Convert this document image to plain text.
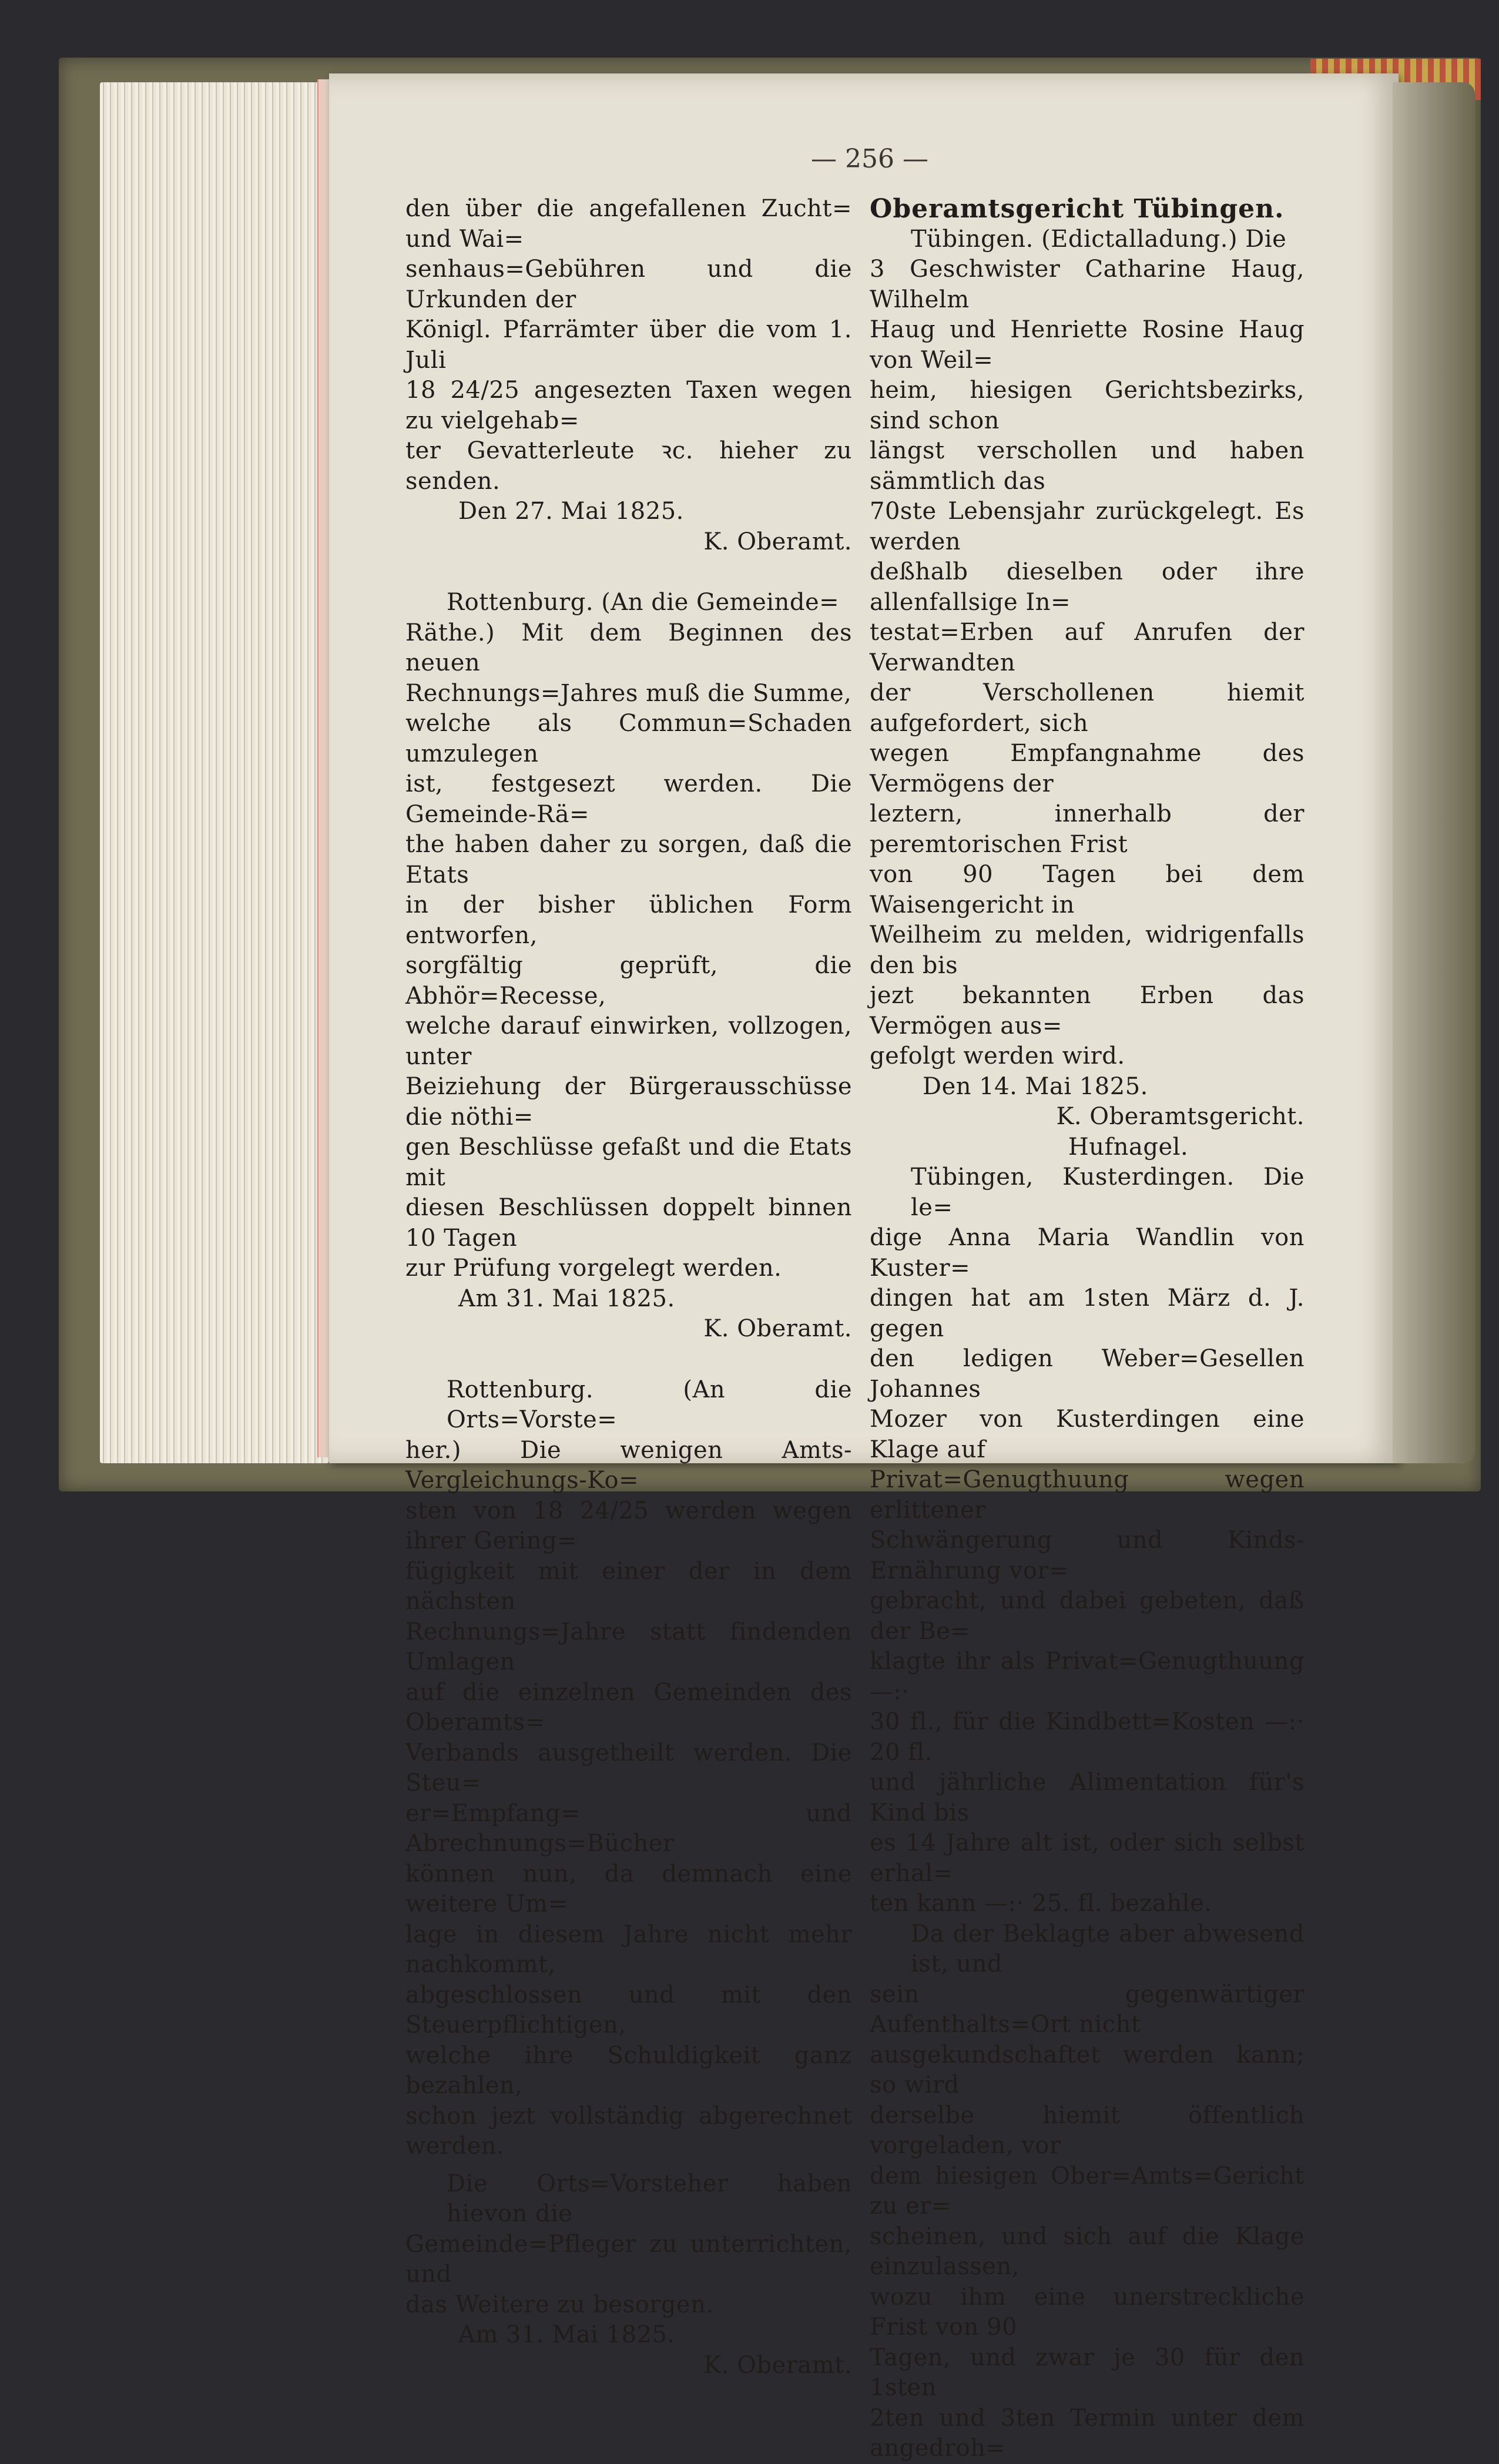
— 256 —

den über die angefallenen Zucht= und Wai=

senhaus=Gebühren und die Urkunden der

Königl. Pfarrämter über die vom 1. Juli

18 24/25 angesezten Taxen wegen zu vielgehab=

ter Gevatterleute ꝛc. hieher zu senden.

Den 27. Mai 1825.

K. Oberamt.

Rottenburg. (An die Gemeinde=

Räthe.) Mit dem Beginnen des neuen

Rechnungs=Jahres muß die Summe,

welche als Commun=Schaden umzulegen

ist, festgesezt werden. Die Gemeinde-Rä=

the haben daher zu sorgen, daß die Etats

in der bisher üblichen Form entworfen,

sorgfältig geprüft, die Abhör=Recesse,

welche darauf einwirken, vollzogen, unter

Beiziehung der Bürgerausschüsse die nöthi=

gen Beschlüsse gefaßt und die Etats mit

diesen Beschlüssen doppelt binnen 10 Tagen

zur Prüfung vorgelegt werden.

Am 31. Mai 1825.

K. Oberamt.

Rottenburg. (An die Orts=Vorste=

her.) Die wenigen Amts-Vergleichungs-Ko=

sten von 18 24/25 werden wegen ihrer Gering=

fügigkeit mit einer der in dem nächsten

Rechnungs=Jahre statt findenden Umlagen

auf die einzelnen Gemeinden des Oberamts=

Verbands ausgetheilt werden. Die Steu=

er=Empfang= und Abrechnungs=Bücher

können nun, da demnach eine weitere Um=

lage in diesem Jahre nicht mehr nachkommt,

abgeschlossen und mit den Steuerpflichtigen,

welche ihre Schuldigkeit ganz bezahlen,

schon jezt vollständig abgerechnet werden.

Die Orts=Vorsteher haben hievon die

Gemeinde=Pfleger zu unterrichten, und

das Weitere zu besorgen.

Am 31. Mai 1825.

K. Oberamt.

Oberamtsgericht Tübingen.

Tübingen. (Edictalladung.) Die

3 Geschwister Catharine Haug, Wilhelm

Haug und Henriette Rosine Haug von Weil=

heim, hiesigen Gerichtsbezirks, sind schon

längst verschollen und haben sämmtlich das

70ste Lebensjahr zurückgelegt. Es werden

deßhalb dieselben oder ihre allenfallsige In=

testat=Erben auf Anrufen der Verwandten

der Verschollenen hiemit aufgefordert, sich

wegen Empfangnahme des Vermögens der

leztern, innerhalb der peremtorischen Frist

von 90 Tagen bei dem Waisengericht in

Weilheim zu melden, widrigenfalls den bis

jezt bekannten Erben das Vermögen aus=

gefolgt werden wird.

Den 14. Mai 1825.

K. Oberamtsgericht.

Hufnagel.

Tübingen, Kusterdingen. Die le=

dige Anna Maria Wandlin von Kuster=

dingen hat am 1sten März d. J. gegen

den ledigen Weber=Gesellen Johannes

Mozer von Kusterdingen eine Klage auf

Privat=Genugthuung wegen erlittener

Schwängerung und Kinds-Ernährung vor=

gebracht, und dabei gebeten, daß der Be=

klagte ihr als Privat=Genugthuung —:·

30 fl., für die Kindbett=Kosten —:· 20 fl.

und jährliche Alimentation für's Kind bis

es 14 Jahre alt ist, oder sich selbst erhal=

ten kann —:· 25. fl. bezahle.

Da der Beklagte aber abwesend ist, und

sein gegenwärtiger Aufenthalts=Ort nicht

ausgekundschaftet werden kann; so wird

derselbe hiemit öffentlich vorgeladen, vor

dem hiesigen Ober=Amts=Gericht zu er=

scheinen, und sich auf die Klage einzulassen,

wozu ihm eine unerstreckliche Frist von 90

Tagen, und zwar je 30 für den 1sten

2ten und 3ten Termin unter dem angedroh=
